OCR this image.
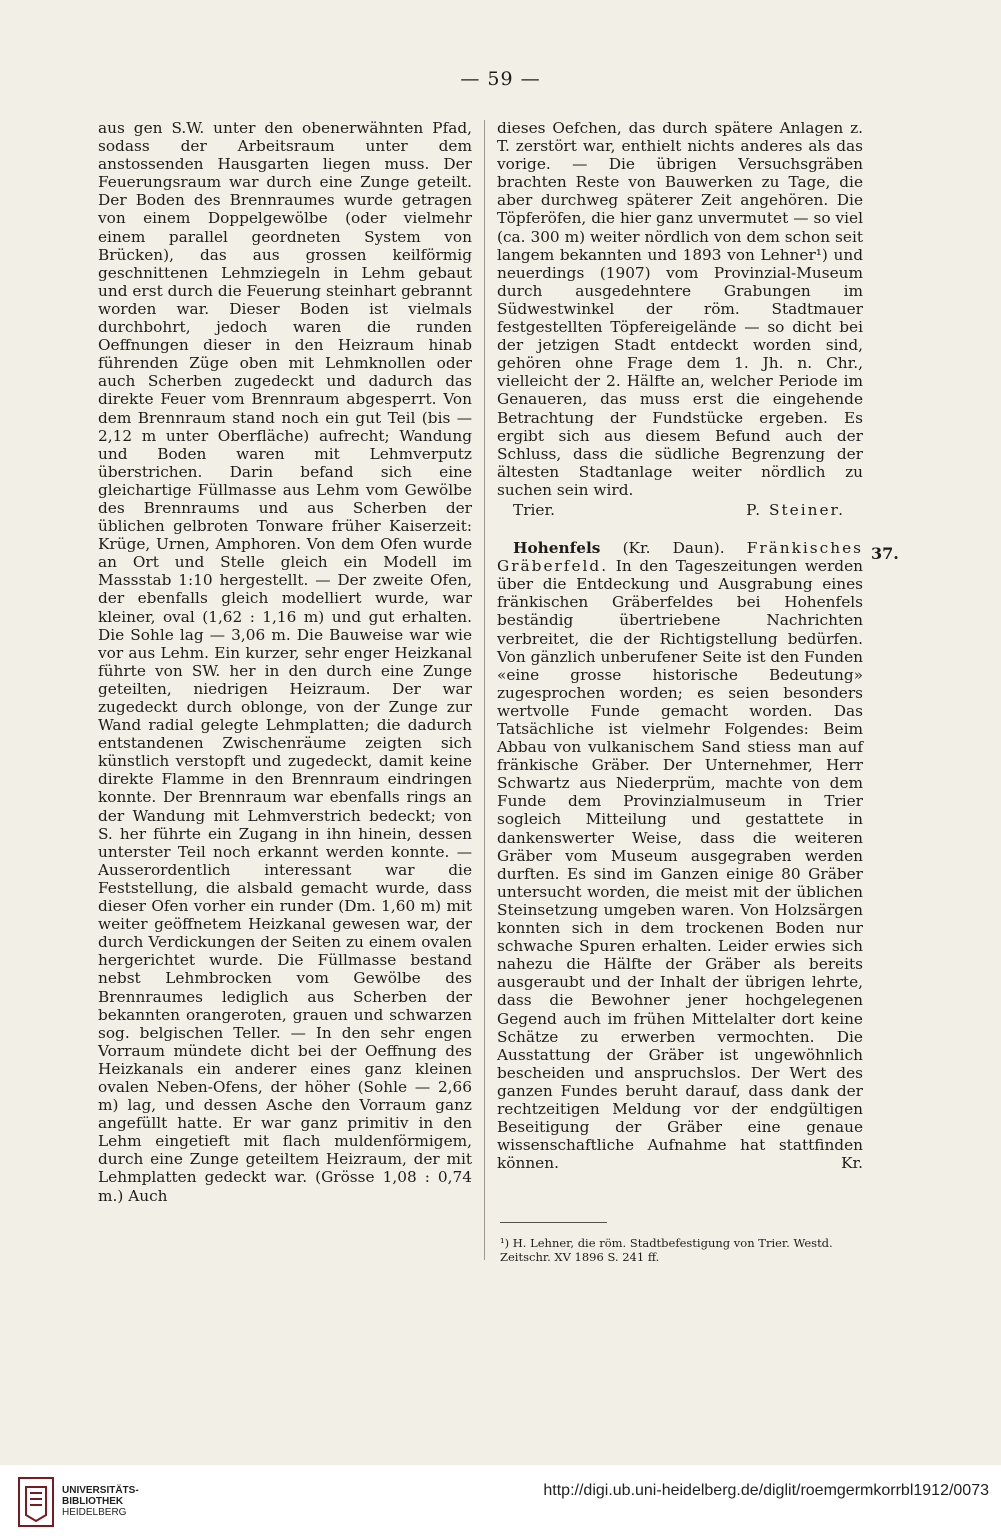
— 59 —

aus gen S.W. unter den obenerwähnten Pfad, sodass der Arbeitsraum unter dem anstossenden Hausgarten liegen muss. Der Feuerungsraum war durch eine Zunge geteilt. Der Boden des Brennraumes wurde getragen von einem Doppelgewölbe (oder vielmehr einem parallel geordneten System von Brücken), das aus grossen keilförmig geschnittenen Lehmziegeln in Lehm gebaut und erst durch die Feuerung steinhart gebrannt worden war. Dieser Boden ist vielmals durchbohrt, jedoch waren die runden Oeffnungen dieser in den Heizraum hinab führenden Züge oben mit Lehmknollen oder auch Scherben zugedeckt und dadurch das direkte Feuer vom Brennraum abgesperrt. Von dem Brennraum stand noch ein gut Teil (bis — 2,12 m unter Oberfläche) aufrecht; Wandung und Boden waren mit Lehmverputz überstrichen. Darin befand sich eine gleichartige Füllmasse aus Lehm vom Gewölbe des Brennraums und aus Scherben der üblichen gelbroten Tonware früher Kaiserzeit: Krüge, Urnen, Amphoren. Von dem Ofen wurde an Ort und Stelle gleich ein Modell im Massstab 1:10 hergestellt. — Der zweite Ofen, der ebenfalls gleich modelliert wurde, war kleiner, oval (1,62 : 1,16 m) und gut erhalten. Die Sohle lag — 3,06 m. Die Bauweise war wie vor aus Lehm. Ein kurzer, sehr enger Heizkanal führte von SW. her in den durch eine Zunge geteilten, niedrigen Heizraum. Der war zugedeckt durch oblonge, von der Zunge zur Wand radial gelegte Lehmplatten; die dadurch entstandenen Zwischenräume zeigten sich künstlich verstopft und zugedeckt, damit keine direkte Flamme in den Brennraum eindringen konnte. Der Brennraum war ebenfalls rings an der Wandung mit Lehmverstrich bedeckt; von S. her führte ein Zugang in ihn hinein, dessen unterster Teil noch erkannt werden konnte. — Ausserordentlich interessant war die Feststellung, die alsbald gemacht wurde, dass dieser Ofen vorher ein runder (Dm. 1,60 m) mit weiter geöffnetem Heizkanal gewesen war, der durch Verdickungen der Seiten zu einem ovalen hergerichtet wurde. Die Füllmasse bestand nebst Lehmbrocken vom Gewölbe des Brennraumes lediglich aus Scherben der bekannten orangeroten, grauen und schwarzen sog. belgischen Teller. — In den sehr engen Vorraum mündete dicht bei der Oeffnung des Heizkanals ein anderer eines ganz kleinen ovalen Neben-Ofens, der höher (Sohle — 2,66 m) lag, und dessen Asche den Vorraum ganz angefüllt hatte. Er war ganz primitiv in den Lehm eingetieft mit flach muldenförmigem, durch eine Zunge geteiltem Heizraum, der mit Lehmplatten gedeckt war. (Grösse 1,08 : 0,74 m.) Auch

dieses Oefchen, das durch spätere Anlagen z. T. zerstört war, enthielt nichts anderes als das vorige. — Die übrigen Versuchsgräben brachten Reste von Bauwerken zu Tage, die aber durchweg späterer Zeit angehören. Die Töpferöfen, die hier ganz unvermutet — so viel (ca. 300 m) weiter nördlich von dem schon seit langem bekannten und 1893 von Lehner¹) und neuerdings (1907) vom Provinzial-Museum durch ausgedehntere Grabungen im Südwestwinkel der röm. Stadtmauer festgestellten Töpfereigelände — so dicht bei der jetzigen Stadt entdeckt worden sind, gehören ohne Frage dem 1. Jh. n. Chr., vielleicht der 2. Hälfte an, welcher Periode im Genaueren, das muss erst die eingehende Betrachtung der Fundstücke ergeben. Es ergibt sich aus diesem Befund auch der Schluss, dass die südliche Begrenzung der ältesten Stadtanlage weiter nördlich zu suchen sein wird.

Trier.	P. Steiner.

Hohenfels (Kr. Daun). Fränkisches Gräberfeld. In den Tageszeitungen werden über die Entdeckung und Ausgrabung eines fränkischen Gräberfeldes bei Hohenfels beständig übertriebene Nachrichten verbreitet, die der Richtigstellung bedürfen. Von gänzlich unberufener Seite ist den Funden «eine grosse historische Bedeutung» zugesprochen worden; es seien besonders wertvolle Funde gemacht worden. Das Tatsächliche ist vielmehr Folgendes: Beim Abbau von vulkanischem Sand stiess man auf fränkische Gräber. Der Unternehmer, Herr Schwartz aus Niederprüm, machte von dem Funde dem Provinzialmuseum in Trier sogleich Mitteilung und gestattete in dankenswerter Weise, dass die weiteren Gräber vom Museum ausgegraben werden durften. Es sind im Ganzen einige 80 Gräber untersucht worden, die meist mit der üblichen Steinsetzung umgeben waren. Von Holzsärgen konnten sich in dem trockenen Boden nur schwache Spuren erhalten. Leider erwies sich nahezu die Hälfte der Gräber als bereits ausgeraubt und der Inhalt der übrigen lehrte, dass die Bewohner jener hochgelegenen Gegend auch im frühen Mittelalter dort keine Schätze zu erwerben vermochten. Die Ausstattung der Gräber ist ungewöhnlich bescheiden und anspruchslos. Der Wert des ganzen Fundes beruht darauf, dass dank der rechtzeitigen Meldung vor der endgültigen Beseitigung der Gräber eine genaue wissenschaftliche Aufnahme hat stattfinden können.	Kr.

37.
¹) H. Lehner, die röm. Stadtbefestigung von Trier. Westd. Zeitschr. XV 1896 S. 241 ff.
UNIVERSITÄTS-
BIBLIOTHEK
HEIDELBERG
http://digi.ub.uni-heidelberg.de/diglit/roemgermkorrbl1912/0073
